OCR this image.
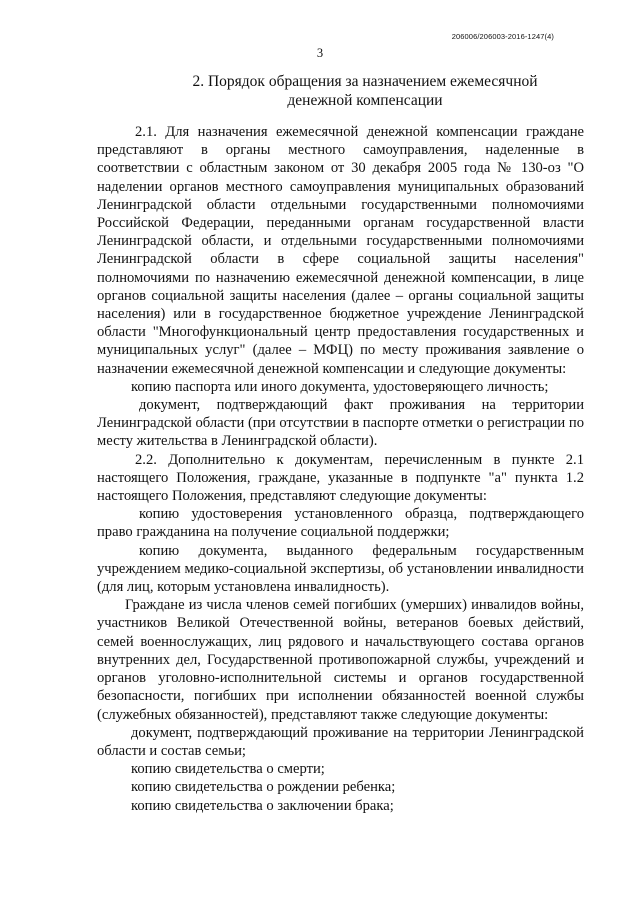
206006/206003-2016-1247(4)
3
2. Порядок обращения за назначением ежемесячной
денежной компенсации

2.1. Для назначения ежемесячной денежной компенсации граждане представляют в органы местного самоуправления, наделенные в соответствии с областным законом от 30 декабря 2005 года № 130-оз "О наделении органов местного самоуправления муниципальных образований Ленинградской области отдельными государственными полномочиями Российской Федерации, переданными органам государственной власти Ленинградской области, и отдельными государственными полномочиями Ленинградской области в сфере социальной защиты населения" полномочиями по назначению ежемесячной денежной компенсации, в лице органов социальной защиты населения (далее – органы социальной защиты населения) или в государственное бюджетное учреждение Ленинградской области "Многофункциональный центр предоставления государственных и муниципальных услуг" (далее – МФЦ) по месту проживания заявление о назначении ежемесячной денежной компенсации и следующие документы:

копию паспорта или иного документа, удостоверяющего личность;

документ, подтверждающий факт проживания на территории Ленинградской области (при отсутствии в паспорте отметки о регистрации по месту жительства в Ленинградской области).

2.2. Дополнительно к документам, перечисленным в пункте 2.1 настоящего Положения, граждане, указанные в подпункте "а" пункта 1.2 настоящего Положения, представляют следующие документы:

копию удостоверения установленного образца, подтверждающего право гражданина на получение социальной поддержки;

копию документа, выданного федеральным государственным учреждением медико-социальной экспертизы, об установлении инвалидности (для лиц, которым установлена инвалидность).

Граждане из числа членов семей погибших (умерших) инвалидов войны, участников Великой Отечественной войны, ветеранов боевых действий, семей военнослужащих, лиц рядового и начальствующего состава органов внутренних дел, Государственной противопожарной службы, учреждений и органов уголовно-исполнительной системы и органов государственной безопасности, погибших при исполнении обязанностей военной службы (служебных обязанностей), представляют также следующие документы:

документ, подтверждающий проживание на территории Ленинградской области и состав семьи;

копию свидетельства о смерти;

копию свидетельства о рождении ребенка;

копию свидетельства о заключении брака;
